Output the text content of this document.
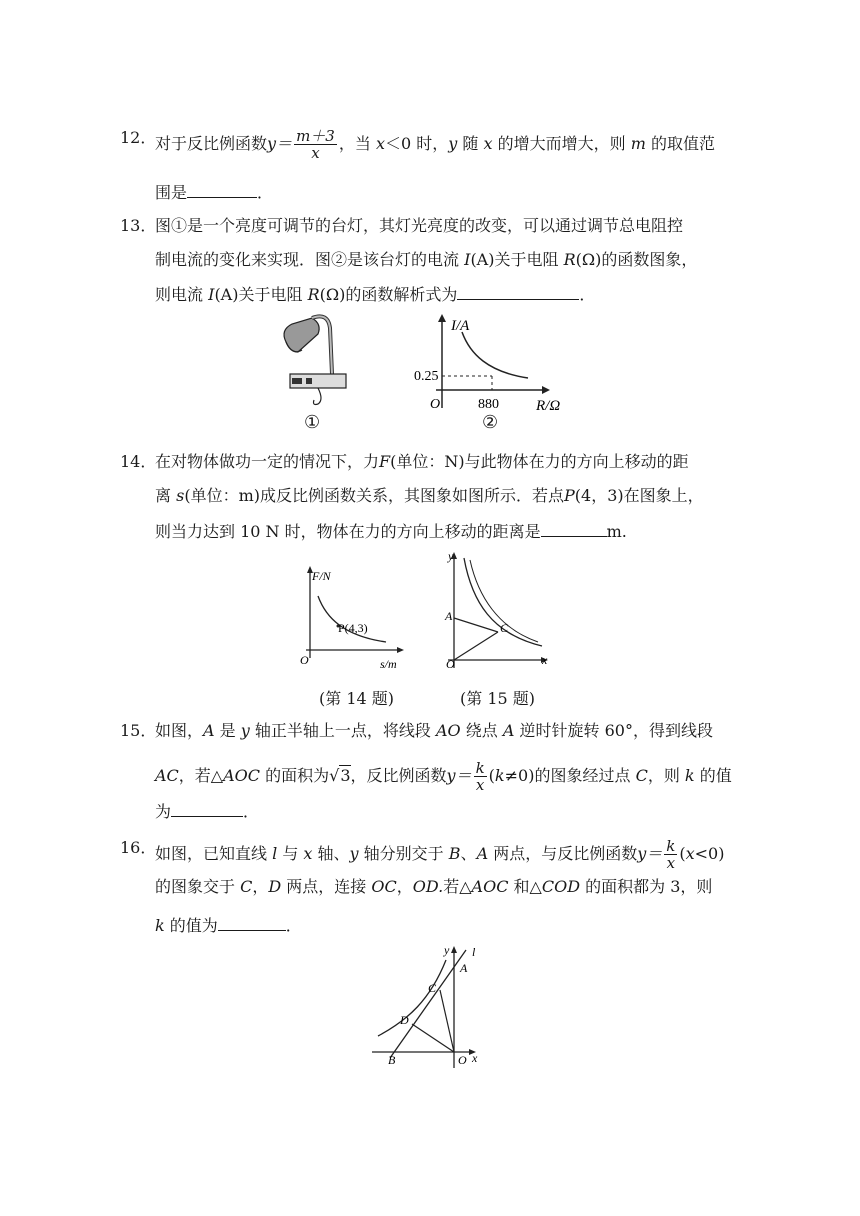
12．
对于反比例函数$y= \frac{m+3}{x}$ ，当 x＜0 时，y 随 x 的增大而增大，则 m 的取值范
围是	．
13．
图①是一个亮度可调节的台灯，其灯光亮度的改变，可以通过调节总电阻控
制电流的变化来实现．图②是该台灯的电流 I(A)关于电阻 R(Ω)的函数图象，
则电流 I(A)关于电阻 R(Ω)的函数解析式为	．
①
I/A
R/Ω
O
0.25
880
②
14．
在对物体做功一定的情况下，力F(单位：N)与此物体在力的方向上移动的距
离 s(单位：m)成反比例函数关系，其图象如图所示．若点P(4，3)在图象上，
则当力达到 10 N 时，物体在力的方向上移动的距离是	m.
F/N
s/m
O
P(4,3)
(第 14 题)
y
x
O
A
C
(第 15 题)
15．
如图，A 是 y 轴正半轴上一点，将线段 AO 绕点 A 逆时针旋转 60°，得到线段
AC，若△AOC 的面积为√3，反比例函数$y= \frac{k}{x} (k\ne 0)$的图象经过点 C，则 k 的值
为	．
16．
如图，已知直线 l 与 x 轴、y 轴分别交于 B、A 两点，与反比例函数$y= \frac{k}{x} (x<0)$
的图象交于 C，D 两点，连接 OC，OD.若△AOC 和△COD 的面积都为 3，则
k 的值为	．
y l
A
C
D
B	O x
